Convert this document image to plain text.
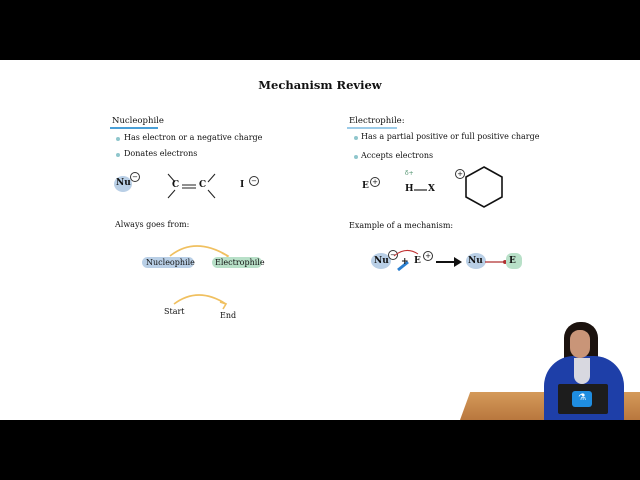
Mechanism Review
Nucleophile
Has electron or a negative charge
Donates electrons
Nu
−
C C	I −
Always goes from:
Nucleophile	Electrophile
Start	End
Electrophile:
Has a partial positive or full positive charge
Accepts electrons
E +
δ+
H X
+
Example of a mechanism:
Nu
−
+ E + → Nu	E
⚗
